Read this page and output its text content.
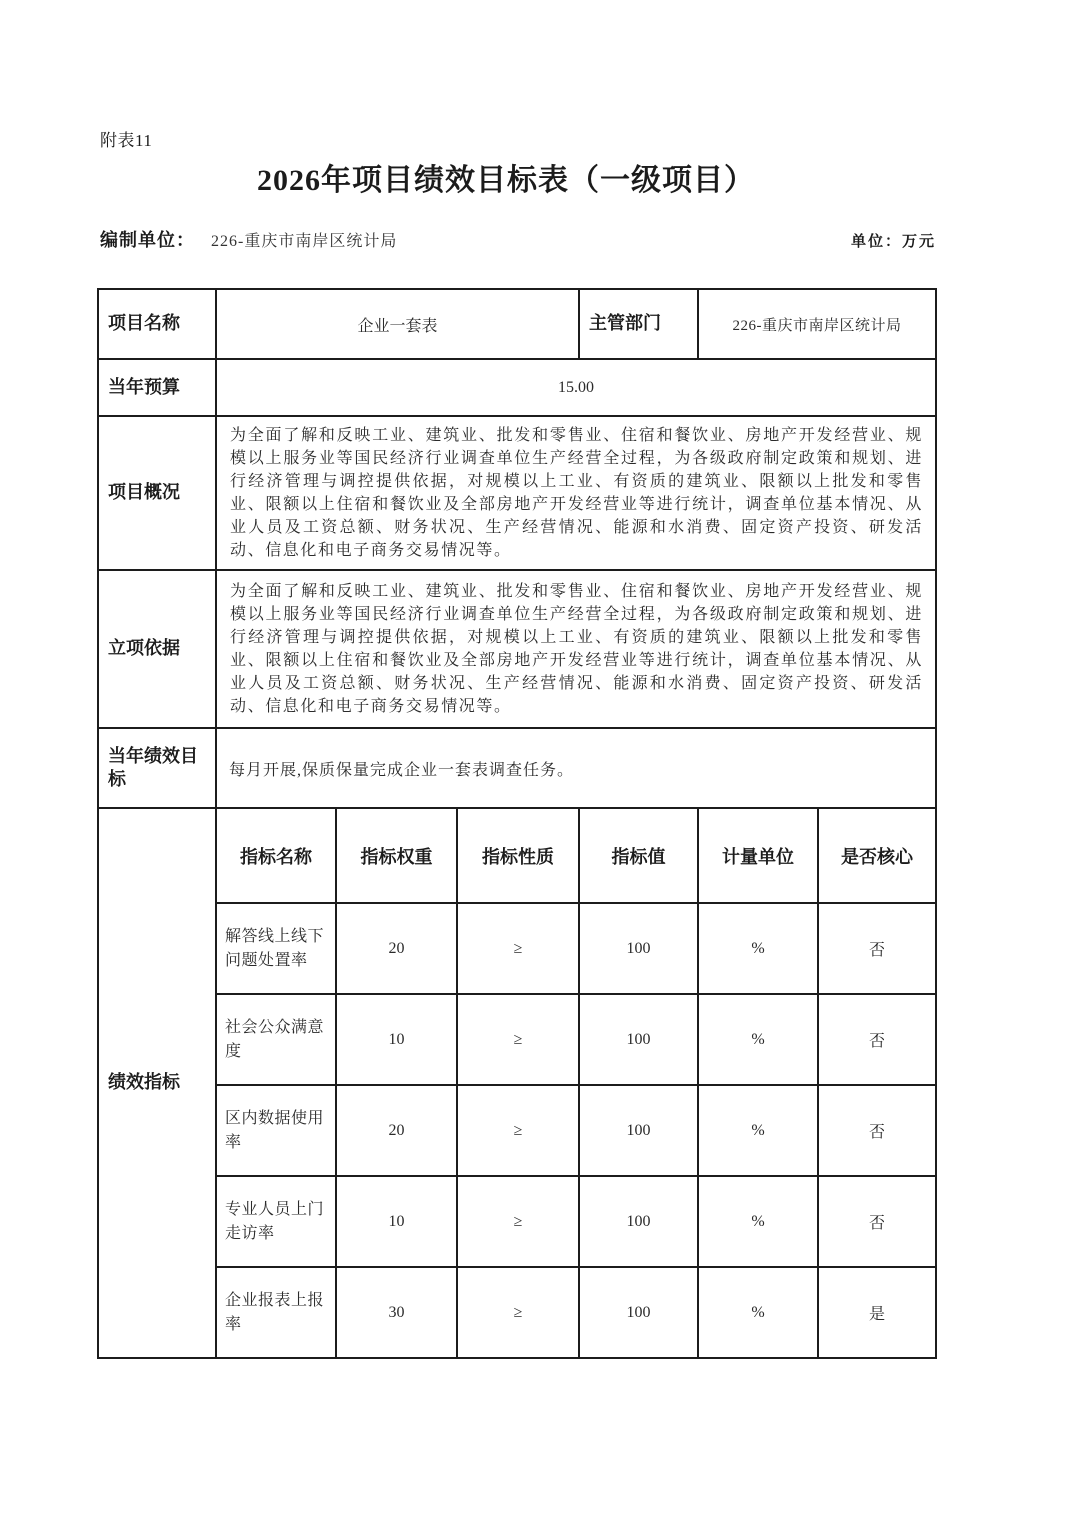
附表11
2026年项目绩效目标表（一级项目）
编制单位： 226-重庆市南岸区统计局	单位：万元
项目名称	企业一套表			主管部门	226-重庆市南岸区统计局	
当年预算	15.00					
项目概况	为全面了解和反映工业、建筑业、批发和零售业、住宿和餐饮业、房地产开发经营业、规模以上服务业等国民经济行业调查单位生产经营全过程，为各级政府制定政策和规划、进行经济管理与调控提供依据，对规模以上工业、有资质的建筑业、限额以上批发和零售业、限额以上住宿和餐饮业及全部房地产开发经营业等进行统计，调查单位基本情况、从业人员及工资总额、财务状况、生产经营情况、能源和水消费、固定资产投资、研发活动、信息化和电子商务交易情况等。					
立项依据	为全面了解和反映工业、建筑业、批发和零售业、住宿和餐饮业、房地产开发经营业、规模以上服务业等国民经济行业调查单位生产经营全过程，为各级政府制定政策和规划、进行经济管理与调控提供依据，对规模以上工业、有资质的建筑业、限额以上批发和零售业、限额以上住宿和餐饮业及全部房地产开发经营业等进行统计，调查单位基本情况、从业人员及工资总额、财务状况、生产经营情况、能源和水消费、固定资产投资、研发活动、信息化和电子商务交易情况等。					
当年绩效目标	每月开展,保质保量完成企业一套表调查任务。					
绩效指标	指标名称	指标权重	指标性质	指标值	计量单位	是否核心
	解答线上线下问题处置率	20	≥	100	%	否
	社会公众满意度	10	≥	100	%	否
	区内数据使用率	20	≥	100	%	否
	专业人员上门走访率	10	≥	100	%	否
	企业报表上报率	30	≥	100	%	是
